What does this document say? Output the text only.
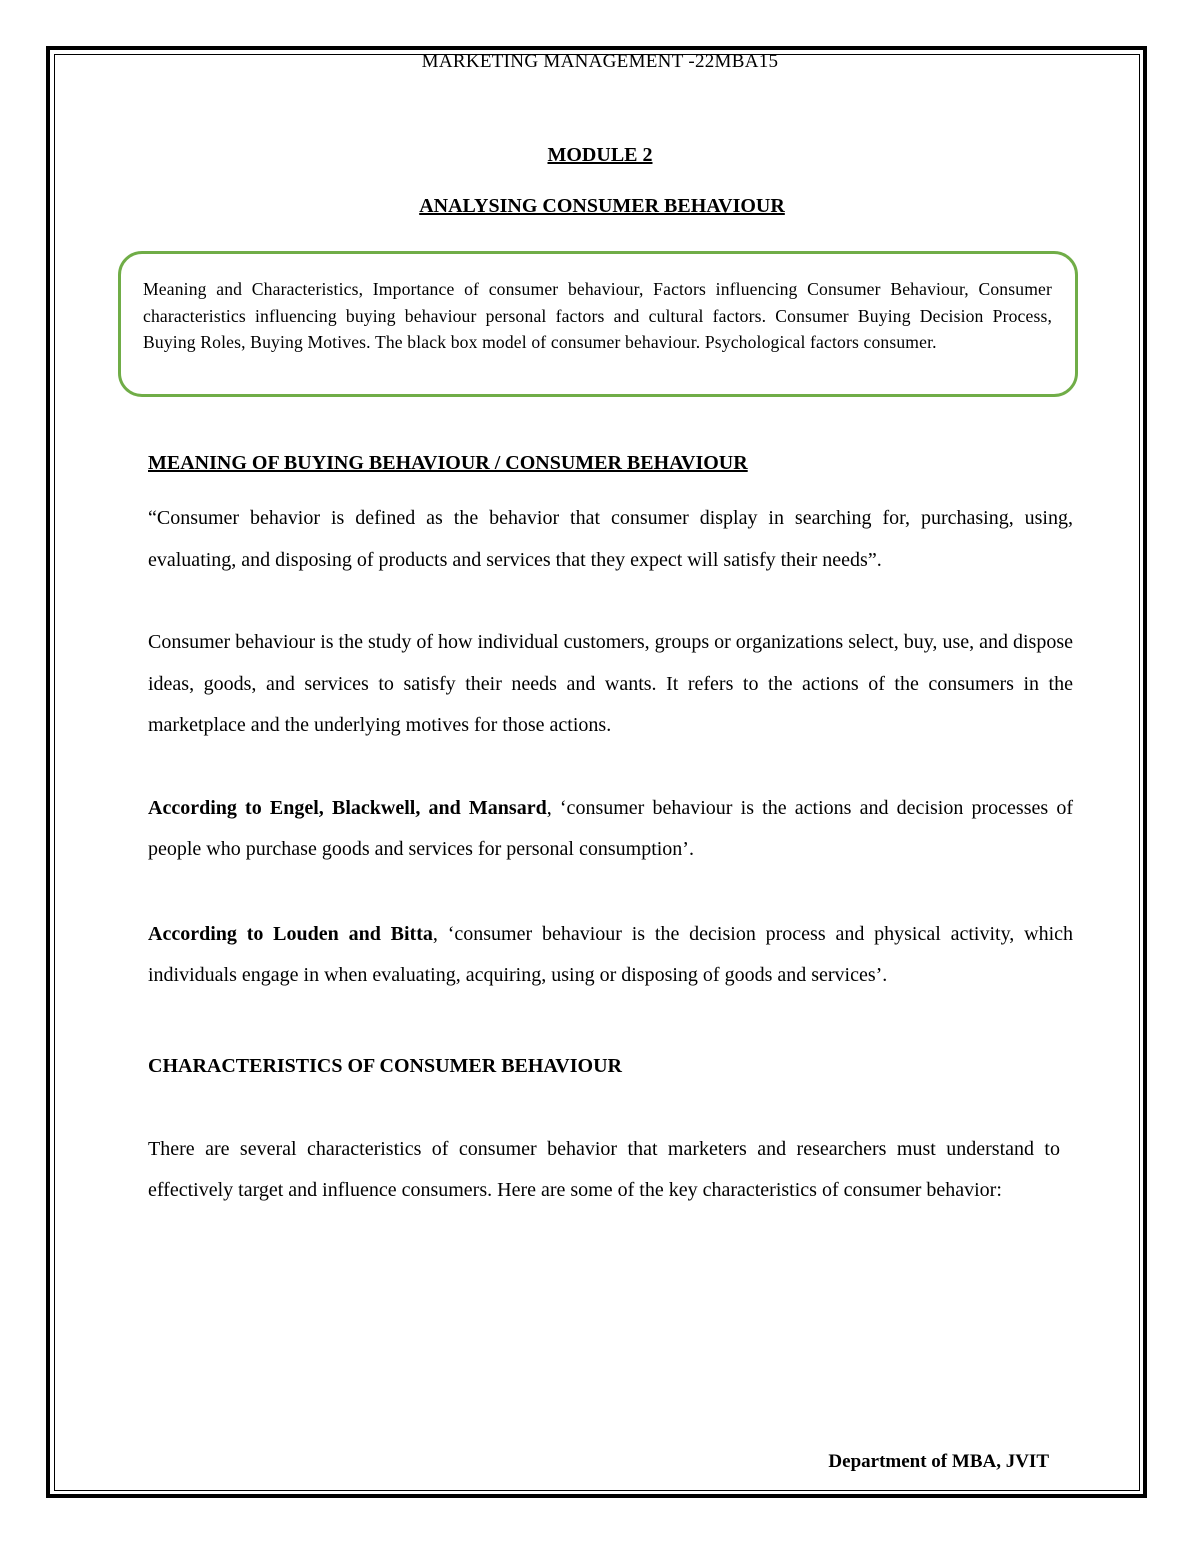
MARKETING MANAGEMENT -22MBA15
MODULE 2
ANALYSING CONSUMER BEHAVIOUR
Meaning and Characteristics, Importance of consumer behaviour, Factors influencing Consumer Behaviour, Consumer characteristics influencing buying behaviour personal factors and cultural factors. Consumer Buying Decision Process, Buying Roles, Buying Motives. The black box model of consumer behaviour. Psychological factors consumer.

MEANING OF BUYING BEHAVIOUR / CONSUMER BEHAVIOUR

“Consumer behavior is defined as the behavior that consumer display in searching for, purchasing, using, evaluating, and disposing of products and services that they expect will satisfy their needs”.

Consumer behaviour is the study of how individual customers, groups or organizations select, buy, use, and dispose ideas, goods, and services to satisfy their needs and wants. It refers to the actions of the consumers in the marketplace and the underlying motives for those actions.

According to Engel, Blackwell, and Mansard, ‘consumer behaviour is the actions and decision processes of people who purchase goods and services for personal consumption’.

According to Louden and Bitta, ‘consumer behaviour is the decision process and physical activity, which individuals engage in when evaluating, acquiring, using or disposing of goods and services’.

CHARACTERISTICS OF CONSUMER BEHAVIOUR

There are several characteristics of consumer behavior that marketers and researchers must understand to effectively target and influence consumers. Here are some of the key characteristics of consumer behavior:

Department of MBA, JVIT
